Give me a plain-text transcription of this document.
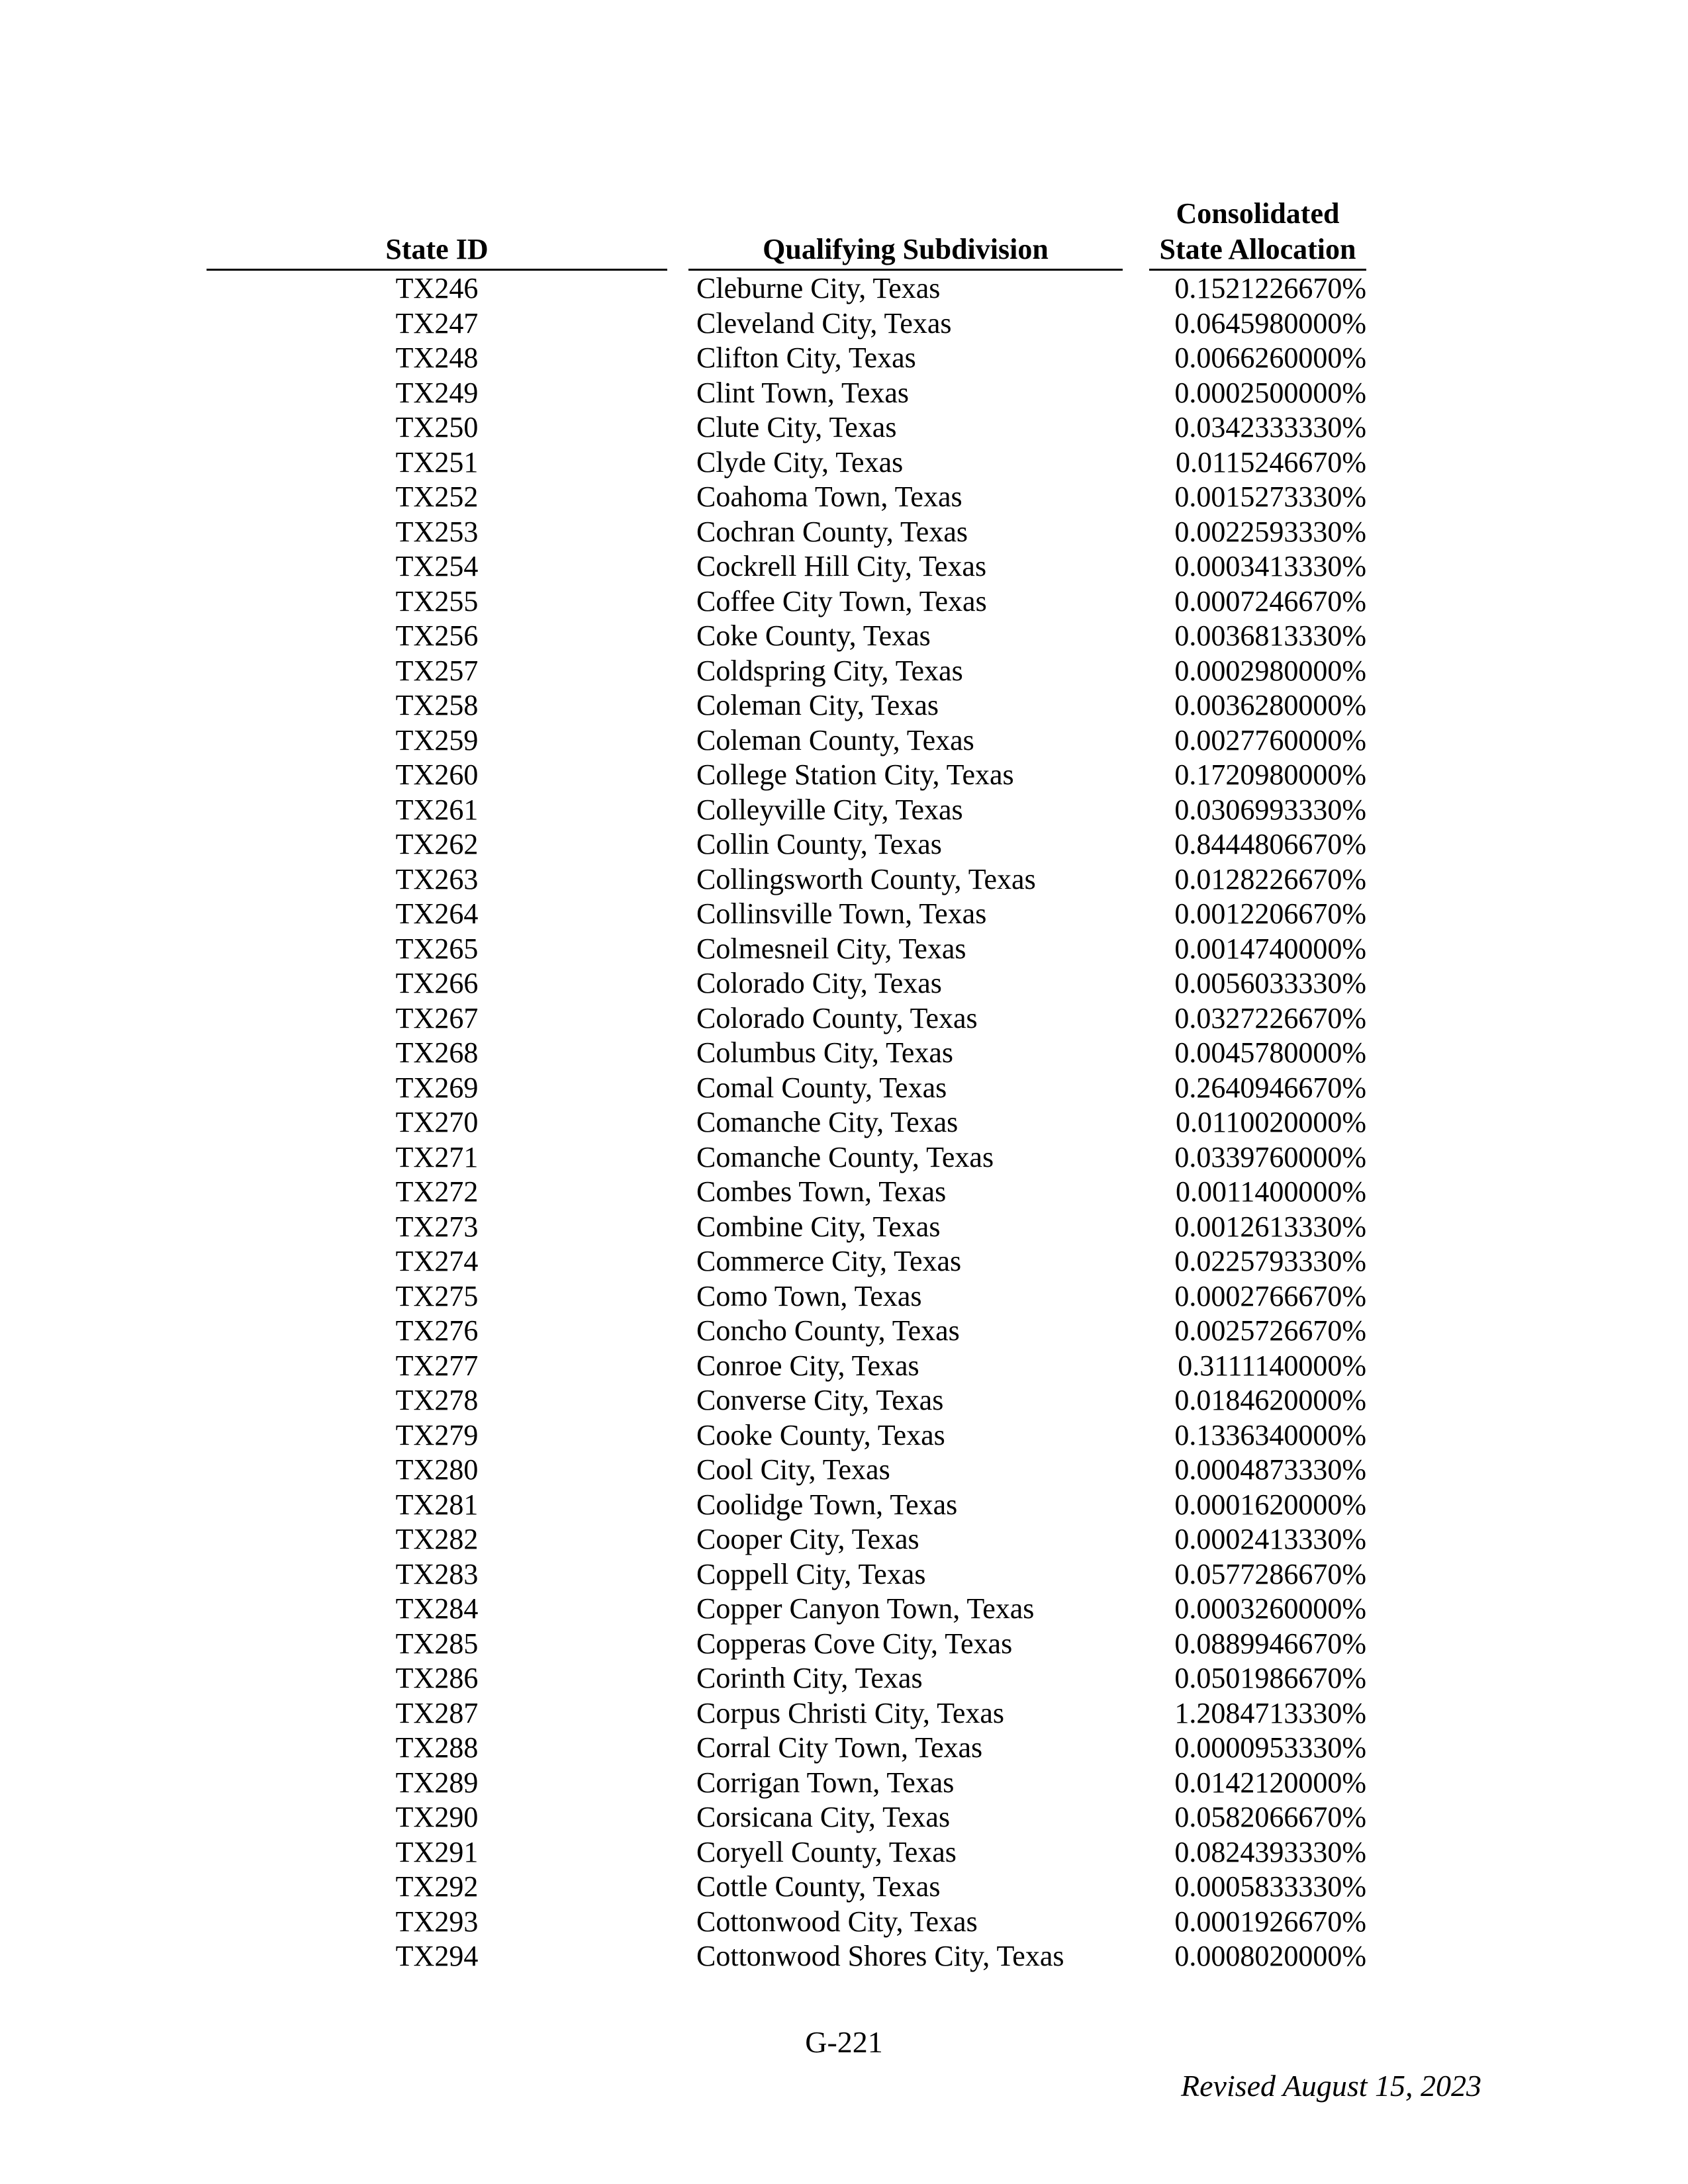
State ID	Qualifying Subdivision
Consolidated
State Allocation
TX246	Cleburne City, Texas	0.1521226670%
TX247	Cleveland City, Texas	0.0645980000%
TX248	Clifton City, Texas	0.0066260000%
TX249	Clint Town, Texas	0.0002500000%
TX250	Clute City, Texas	0.0342333330%
TX251	Clyde City, Texas	0.0115246670%
TX252	Coahoma Town, Texas	0.0015273330%
TX253	Cochran County, Texas	0.0022593330%
TX254	Cockrell Hill City, Texas	0.0003413330%
TX255	Coffee City Town, Texas	0.0007246670%
TX256	Coke County, Texas	0.0036813330%
TX257	Coldspring City, Texas	0.0002980000%
TX258	Coleman City, Texas	0.0036280000%
TX259	Coleman County, Texas	0.0027760000%
TX260	College Station City, Texas	0.1720980000%
TX261	Colleyville City, Texas	0.0306993330%
TX262	Collin County, Texas	0.8444806670%
TX263	Collingsworth County, Texas	0.0128226670%
TX264	Collinsville Town, Texas	0.0012206670%
TX265	Colmesneil City, Texas	0.0014740000%
TX266	Colorado City, Texas	0.0056033330%
TX267	Colorado County, Texas	0.0327226670%
TX268	Columbus City, Texas	0.0045780000%
TX269	Comal County, Texas	0.2640946670%
TX270	Comanche City, Texas	0.0110020000%
TX271	Comanche County, Texas	0.0339760000%
TX272	Combes Town, Texas	0.0011400000%
TX273	Combine City, Texas	0.0012613330%
TX274	Commerce City, Texas	0.0225793330%
TX275	Como Town, Texas	0.0002766670%
TX276	Concho County, Texas	0.0025726670%
TX277	Conroe City, Texas	0.3111140000%
TX278	Converse City, Texas	0.0184620000%
TX279	Cooke County, Texas	0.1336340000%
TX280	Cool City, Texas	0.0004873330%
TX281	Coolidge Town, Texas	0.0001620000%
TX282	Cooper City, Texas	0.0002413330%
TX283	Coppell City, Texas	0.0577286670%
TX284	Copper Canyon Town, Texas	0.0003260000%
TX285	Copperas Cove City, Texas	0.0889946670%
TX286	Corinth City, Texas	0.0501986670%
TX287	Corpus Christi City, Texas	1.2084713330%
TX288	Corral City Town, Texas	0.0000953330%
TX289	Corrigan Town, Texas	0.0142120000%
TX290	Corsicana City, Texas	0.0582066670%
TX291	Coryell County, Texas	0.0824393330%
TX292	Cottle County, Texas	0.0005833330%
TX293	Cottonwood City, Texas	0.0001926670%
TX294	Cottonwood Shores City, Texas	0.0008020000%
G-221
Revised August 15, 2023
